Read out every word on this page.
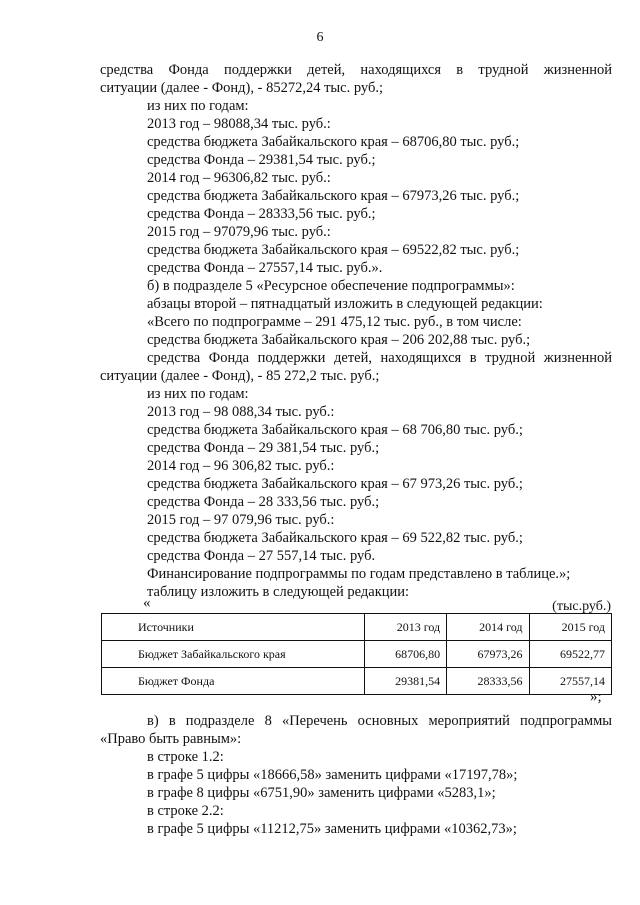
6
средства Фонда поддержки детей, находящихся в трудной жизненной
ситуации (далее - Фонд), - 85272,24 тыс. руб.;
из них по годам:
2013 год – 98088,34 тыс. руб.:
средства бюджета Забайкальского края – 68706,80 тыс. руб.;
средства Фонда – 29381,54 тыс. руб.;
2014 год – 96306,82 тыс. руб.:
средства бюджета Забайкальского края – 67973,26 тыс. руб.;
средства Фонда – 28333,56 тыс. руб.;
2015 год – 97079,96 тыс. руб.:
средства бюджета Забайкальского края – 69522,82 тыс. руб.;
средства Фонда – 27557,14 тыс. руб.».
б) в подразделе 5 «Ресурсное обеспечение подпрограммы»:
абзацы второй – пятнадцатый изложить в следующей редакции:
«Всего по подпрограмме – 291 475,12 тыс. руб., в том числе:
средства бюджета Забайкальского края – 206 202,88 тыс. руб.;
средства Фонда поддержки детей, находящихся в трудной жизненной
ситуации (далее - Фонд), - 85 272,2 тыс. руб.;
из них по годам:
2013 год – 98 088,34 тыс. руб.:
средства бюджета Забайкальского края – 68 706,80 тыс. руб.;
средства Фонда – 29 381,54 тыс. руб.;
2014 год – 96 306,82 тыс. руб.:
средства бюджета Забайкальского края – 67 973,26 тыс. руб.;
средства Фонда – 28 333,56 тыс. руб.;
2015 год – 97 079,96 тыс. руб.:
средства бюджета Забайкальского края – 69 522,82 тыс. руб.;
средства Фонда – 27 557,14 тыс. руб.
Финансирование подпрограммы по годам представлено в таблице.»;
таблицу изложить в следующей редакции:
«	(тыс.руб.)
Источники	2013 год	2014 год	2015 год
Бюджет Забайкальского края	68706,80	67973,26	69522,77
Бюджет Фонда	29381,54	28333,56	27557,14
»;
в) в подразделе 8 «Перечень основных мероприятий подпрограммы
«Право быть равным»:
в строке 1.2:
в графе 5 цифры «18666,58» заменить цифрами «17197,78»;
в графе 8 цифры «6751,90» заменить цифрами «5283,1»;
в строке 2.2:
в графе 5 цифры «11212,75» заменить цифрами «10362,73»;
